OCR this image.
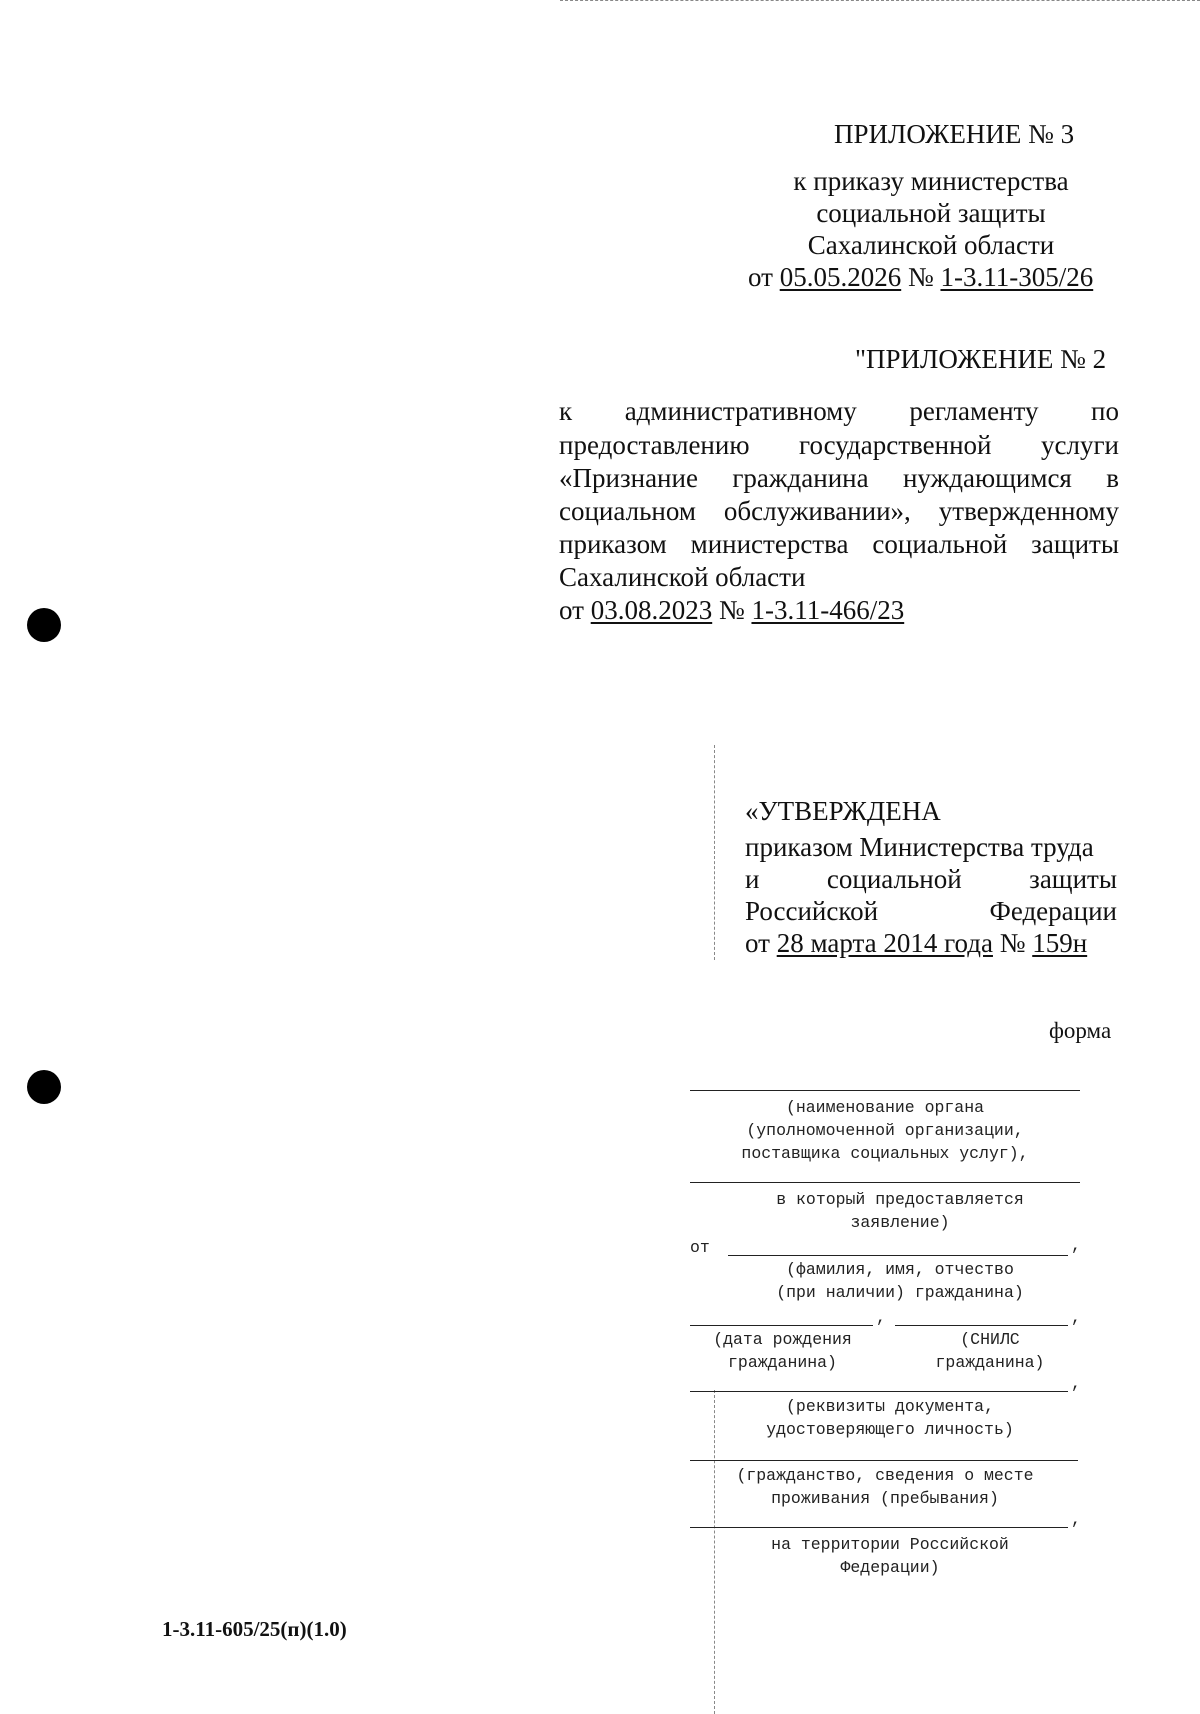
ПРИЛОЖЕНИЕ № 3
к приказу министерства
социальной защиты
Сахалинской области
от 05.05.2026 № 1-3.11-305/26
"ПРИЛОЖЕНИЕ № 2
к административному регламенту по
предоставлению государственной услуги
«Признание гражданина нуждающимся в
социальном обслуживании», утвержденному
приказом министерства социальной защиты
Сахалинской области
от 03.08.2023 № 1-3.11-466/23
«УТВЕРЖДЕНА
приказом Министерства труда
и социальной защиты
Российской Федерации
от 28 марта 2014 года № 159н
форма
(наименование органа
(уполномоченной организации,
поставщика социальных услуг),
в который предоставляется
заявление)
от	,
(фамилия, имя, отчество
(при наличии) гражданина)
,	,
(дата рождения
гражданина)
(СНИЛС
гражданина)
,
(реквизиты документа,
удостоверяющего личность)
(гражданство, сведения о месте
проживания (пребывания)
,
на территории Российской
Федерации)
1-3.11-605/25(п)(1.0)
